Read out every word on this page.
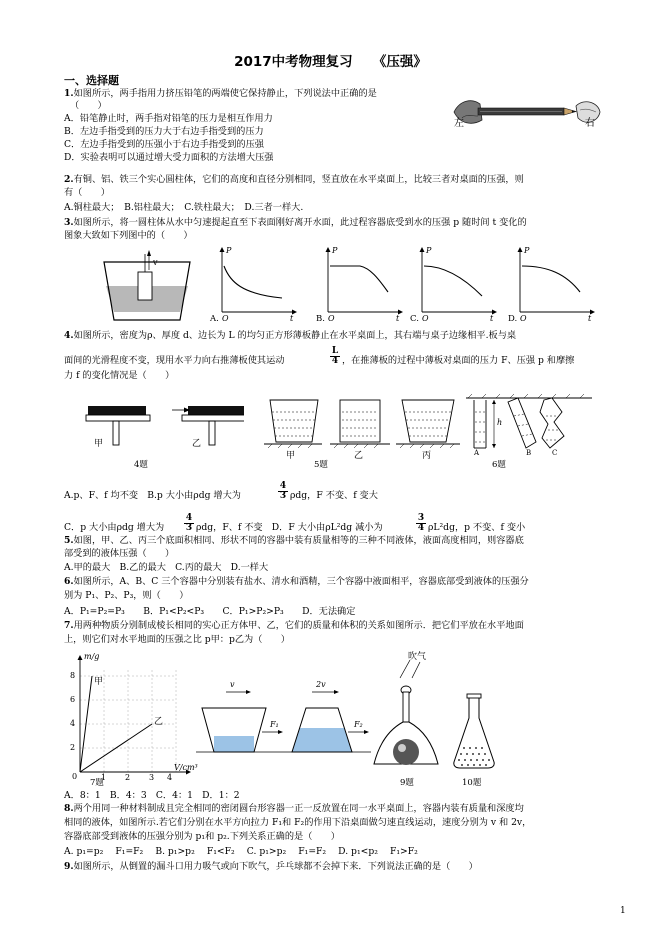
2017中考物理复习　　《压强》
一、选择题
1.如图所示，两手指用力挤压铅笔的两端使它保持静止，下列说法中正确的是
（　　）
A．铅笔静止时，两手指对铅笔的压力是相互作用力
B．左边手指受到的压力大于右边手指受到的压力
C．左边手指受到的压强小于右边手指受到的压强
D．实验表明可以通过增大受力面积的方法增大压强
左	右
2.有铜、铝、铁三个实心圆柱体，它们的高度和直径分别相同，竖直放在水平桌面上，比较三者对桌面的压强，则
有（　　）
A.铜柱最大；　B.铝柱最大；　C.铁柱最大；　D.三者一样大.
3.如图所示，将一圆柱体从水中匀速提起直至下表面刚好离开水面，此过程容器底受到水的压强 p 随时间 t 变化的
图象大致如下列图中的（　　）
v
P
t
A. O
P
t
B. O
P
t
C. O
P
t
D. O
4.如图所示，密度为ρ、厚度 d、边长为 L 的均匀正方形薄板静止在水平桌面上，其右端与桌子边缘相平.板与桌
面间的光滑程度不变，现用水平力向右推薄板使其运动	$\frac{L}{4}$ ，在推薄板的过程中薄板对桌面的压力 F、压强 p 和摩擦
力 f 的变化情况是（　　）
甲	乙
4题
甲	乙	丙
5题
h
A	B	C
6题
A.p、F、f 均不变　B.p 大小由ρdg 增大为	$\frac{4}{3}$ ρdg，F 不变、f 变大
C．p 大小由ρdg 增大为 $\frac{4}{3}$ ρdg，F、f 不变　D．F 大小由ρL²dg 减小为	$\frac{3}{4} \rho L^2dg$，p 不变、f 变小
5.如图，甲、乙、丙三个底面积相同、形状不同的容器中装有质量相等的三种不同液体，液面高度相同，则容器底
部受到的液体压强（　　）
A.甲的最大　B.乙的最大　C.丙的最大　D.一样大
6.如图所示，A、B、C 三个容器中分别装有盐水、清水和酒精，三个容器中液面相平，容器底部受到液体的压强分
别为 P₁、P₂、P₃，则（　　）
A．P₁=P₂=P₃　　B．P₁<P₂<P₃　　C．P₁>P₂>P₃　　D．无法确定
7.用两种物质分别制成棱长相同的实心正方体甲、乙，它们的质量和体积的关系如图所示．把它们平放在水平地面
上，则它们对水平地面的压强之比 p甲：p乙为（　　）
m/g
V/cm³
8
6
4
2
0	1 2 3 4
甲
乙
7题
v	2v
F₁	F₂
吹气
9题	10题
A．8：1　B．4：3　C．4：1　D．1：2
8.两个用同一种材料制成且完全相同的密闭圆台形容器一正一反放置在同一水平桌面上，容器内装有质量和深度均
相同的液体，如图所示.若它们分别在水平方向拉力 F₁和 F₂的作用下沿桌面做匀速直线运动，速度分别为 v 和 2v，
容器底部受到液体的压强分别为 p₁和 p₂.下列关系正确的是（　　）
A. p₁=p₂　 F₁=F₂　 B. p₁>p₂　 F₁<F₂　 C. p₁>p₂　 F₁=F₂　 D. p₁<p₂　 F₁>F₂
9.如图所示，从倒置的漏斗口用力吸气或向下吹气，乒乓球都不会掉下来．下列说法正确的是（　　）
1
